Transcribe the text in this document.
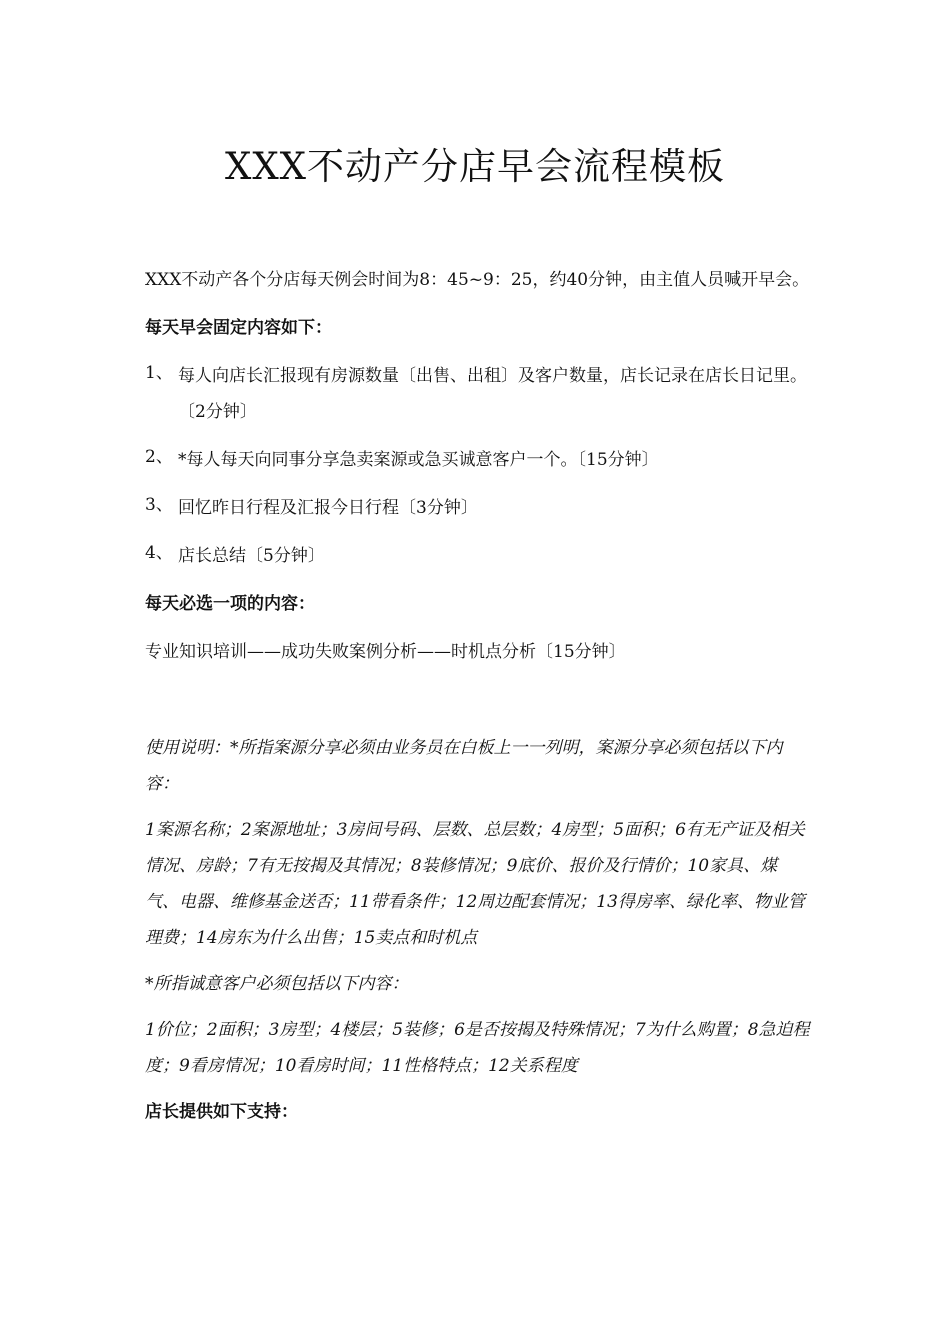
XXX不动产分店早会流程模板

XXX不动产各个分店每天例会时间为8：45~9：25，约40分钟，由主值人员喊开早会。

每天早会固定内容如下：

1、 每人向店长汇报现有房源数量〔出售、出租〕及客户数量，店长记录在店长日记里。〔2分钟〕
2、 *每人每天向同事分享急卖案源或急买诚意客户一个。〔15分钟〕
3、 回忆昨日行程及汇报今日行程〔3分钟〕
4、 店长总结〔5分钟〕

每天必选一项的内容：

专业知识培训——成功失败案例分析——时机点分析〔15分钟〕

使用说明：*所指案源分享必须由业务员在白板上一一列明，案源分享必须包括以下内容：

1案源名称；2案源地址；3房间号码、层数、总层数；4房型；5面积；6有无产证及相关情况、房龄；7有无按揭及其情况；8装修情况；9底价、报价及行情价；10家具、煤气、电器、维修基金送否；11带看条件；12周边配套情况；13得房率、绿化率、物业管理费；14房东为什么出售；15卖点和时机点

*所指诚意客户必须包括以下内容：

1价位；2面积；3房型；4楼层；5装修；6是否按揭及特殊情况；7为什么购置；8急迫程度；9看房情况；10看房时间；11性格特点；12关系程度

店长提供如下支持：
